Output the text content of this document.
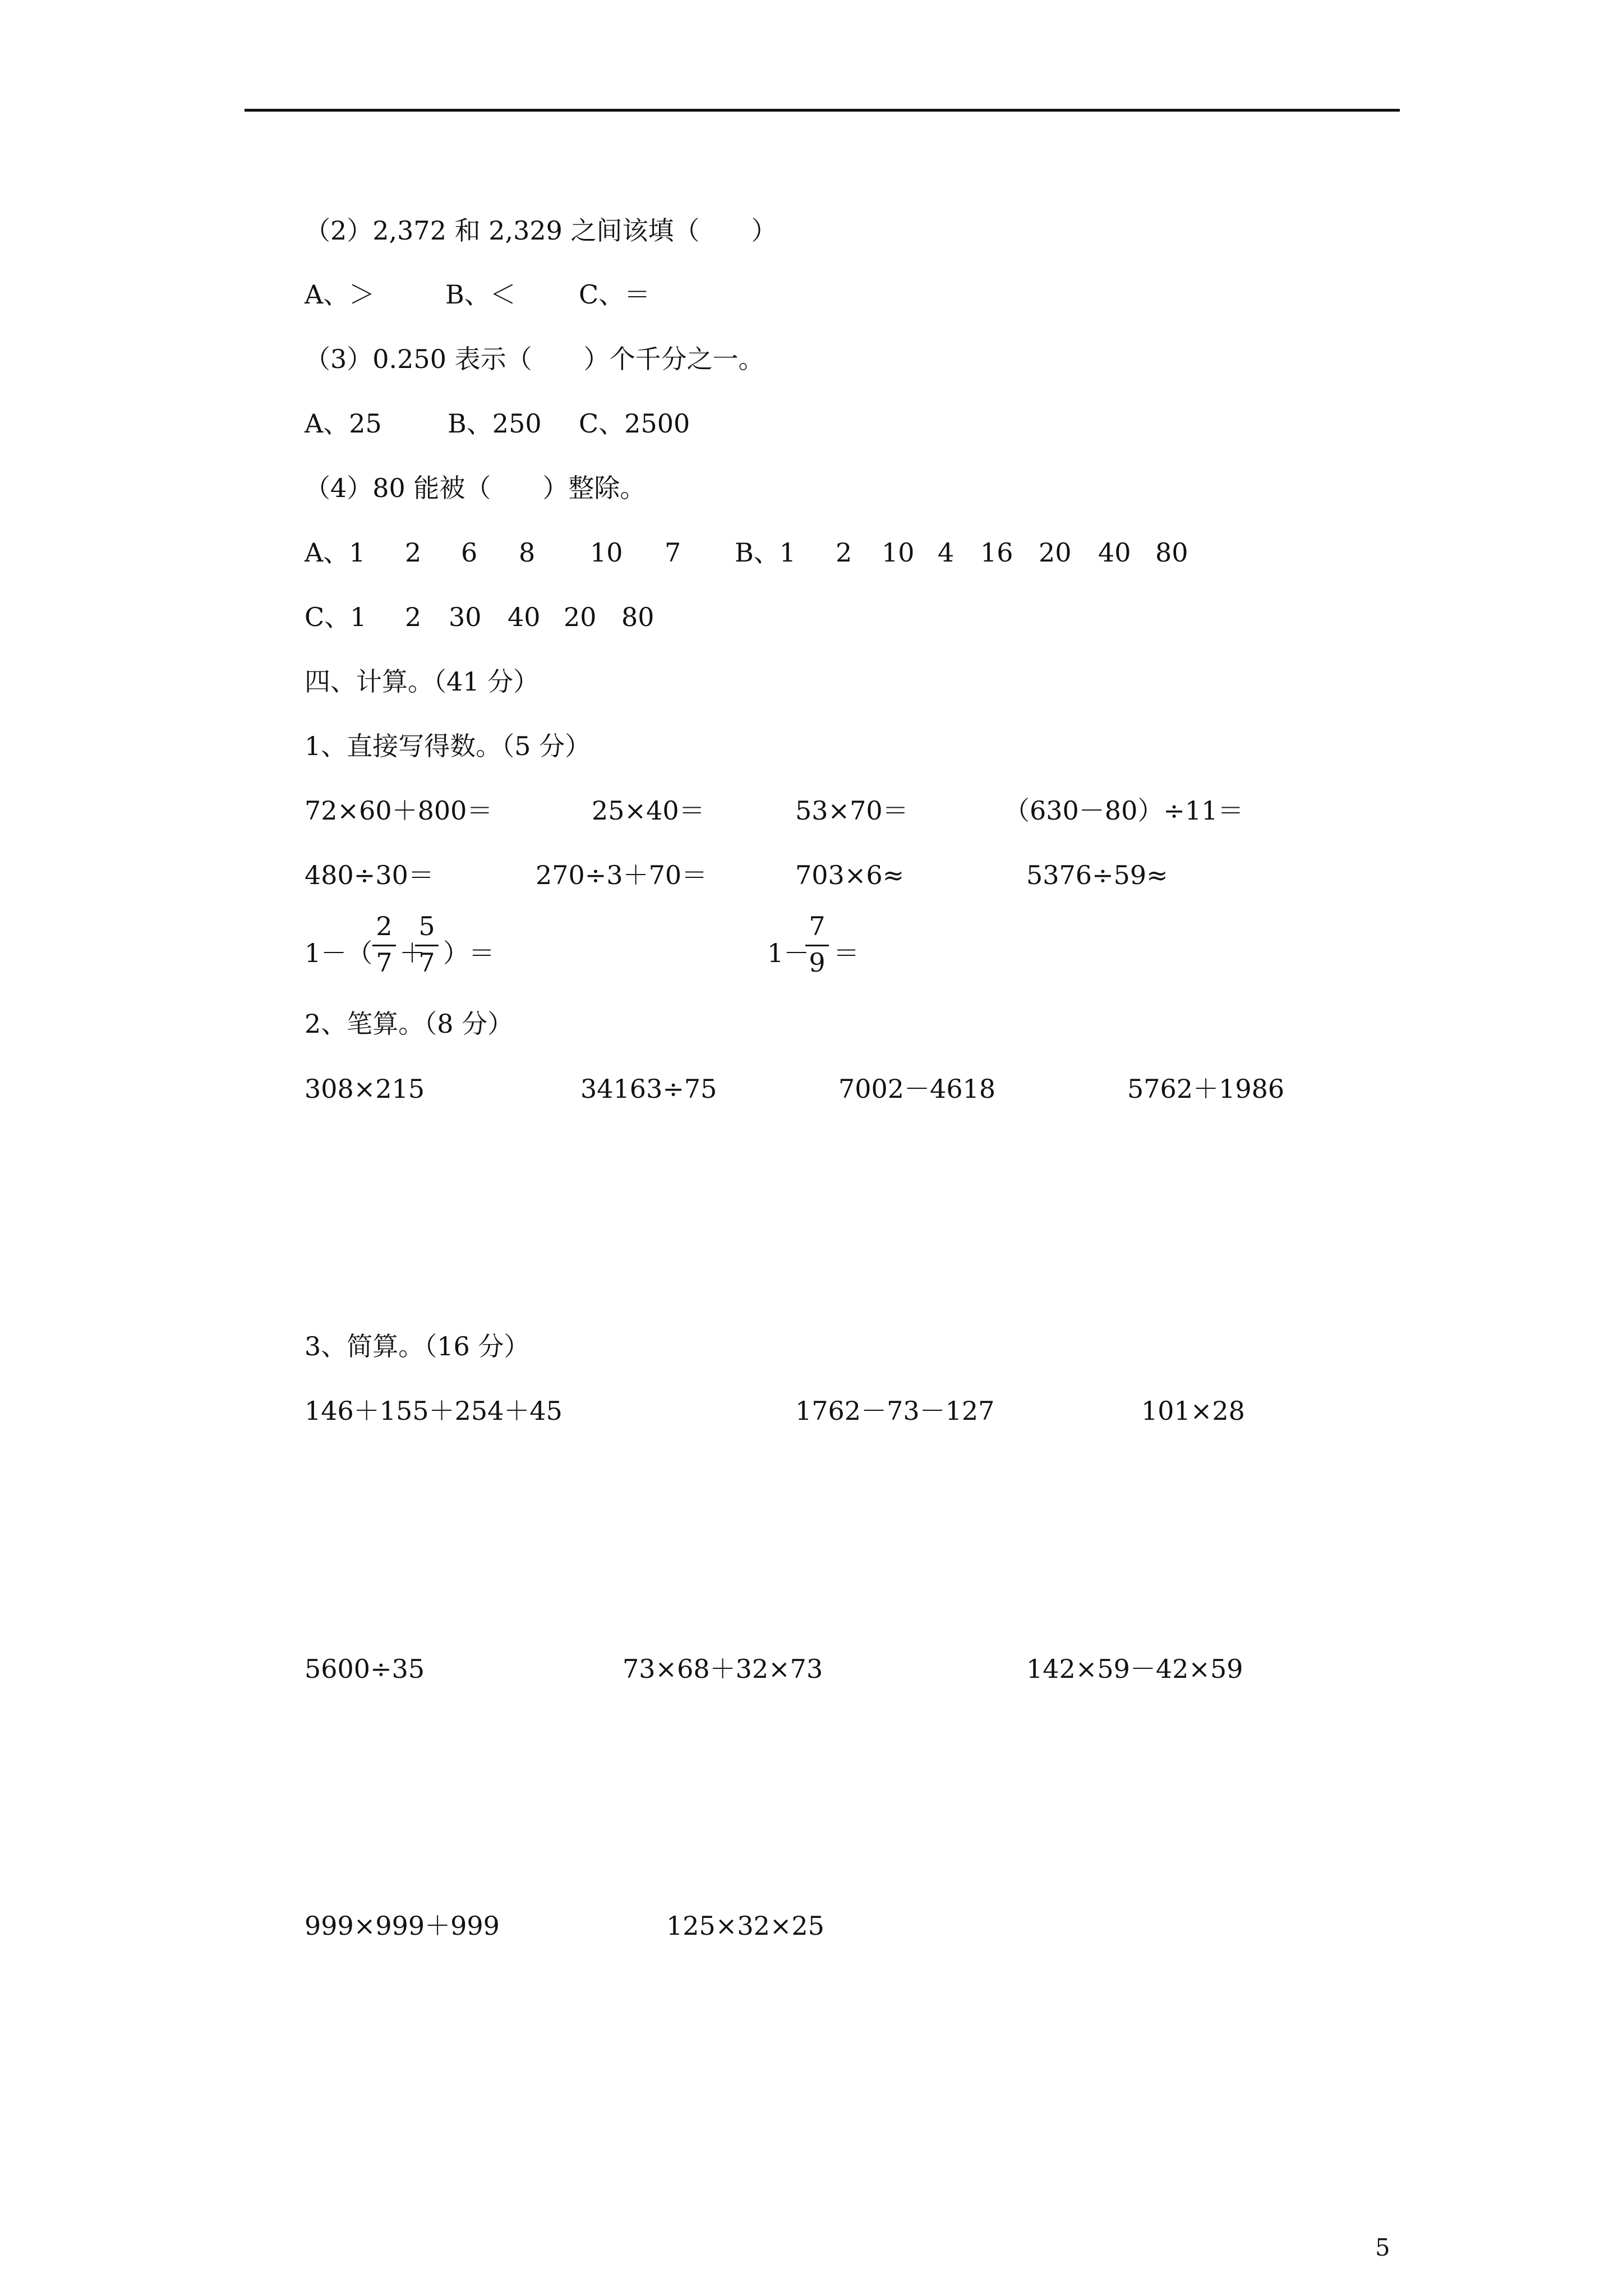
（2）2,372 和 2,329 之间该填（　　）
A、＞	B、＜ C、＝
（3）0.250 表示（　　）个千分之一。
A、25	B、250 C、2500
（4）80 能被（　　）整除。
A、1 2 6 8 10 7 B、1 2 10 4 16 20 40 80
C、1 2 30 40 20 80
四、计算。（41 分）
1、直接写得数。（5 分）
72×60＋800＝	25×40＝	53×70＝	（630－80）÷11＝
480÷30＝	270÷3＋70＝	703×6≈	5376÷59≈
1－（
2
7 ＋
5
7 ）＝	1－
7
9 ＝
2、笔算。（8 分）
308×215	34163÷75	7002－4618	5762＋1986
3、简算。（16 分）
146＋155＋254＋45	1762－73－127	101×28
5600÷35	73×68＋32×73	142×59－42×59
999×999＋999	125×32×25
5
